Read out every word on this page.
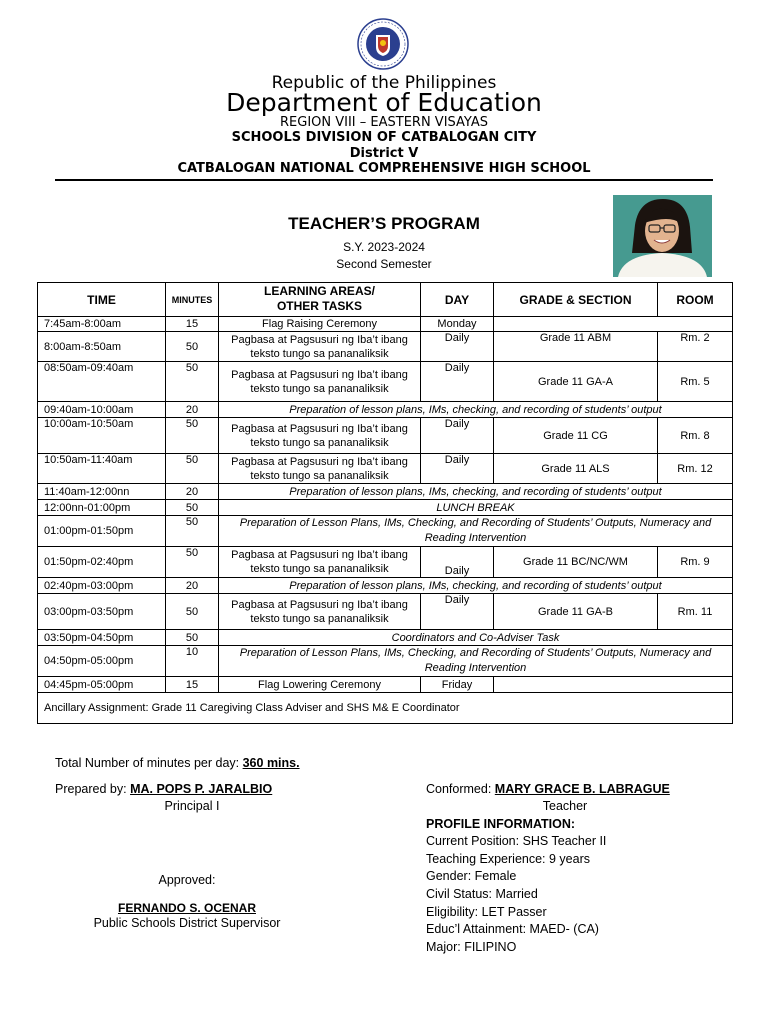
Republic of the Philippines
Department of Education
REGION VIII – EASTERN VISAYAS
SCHOOLS DIVISION OF CATBALOGAN CITY
District V
CATBALOGAN NATIONAL COMPREHENSIVE HIGH SCHOOL
TEACHER’S PROGRAM
S.Y. 2023-2024
Second Semester
TIME	MINUTES	LEARNING AREAS/
OTHER TASKS	DAY	GRADE & SECTION	ROOM
7:45am-8:00am	15	Flag Raising Ceremony	Monday		
8:00am-8:50am	50	Pagbasa at Pagsusuri ng Iba’t ibang
teksto tungo sa pananaliksik	Daily	Grade 11 ABM	Rm. 2
08:50am-09:40am	50	Pagbasa at Pagsusuri ng Iba’t ibang
teksto tungo sa pananaliksik	Daily	Grade 11 GA-A	Rm. 5
09:40am-10:00am	20	Preparation of lesson plans, IMs, checking, and recording of students’ output			
10:00am-10:50am	50	Pagbasa at Pagsusuri ng Iba’t ibang
teksto tungo sa pananaliksik	Daily	Grade 11 CG	Rm. 8
10:50am-11:40am	50	Pagbasa at Pagsusuri ng Iba’t ibang
teksto tungo sa pananaliksik	Daily	Grade 11 ALS	Rm. 12
11:40am-12:00nn	20	Preparation of lesson plans, IMs, checking, and recording of students’ output			
12:00nn-01:00pm	50	LUNCH BREAK			
01:00pm-01:50pm	50	Preparation of Lesson Plans, IMs, Checking, and Recording of Students’ Outputs, Numeracy and Reading Intervention			
01:50pm-02:40pm	50	Pagbasa at Pagsusuri ng Iba’t ibang
teksto tungo sa pananaliksik	Daily	Grade 11 BC/NC/WM	Rm. 9
02:40pm-03:00pm	20	Preparation of lesson plans, IMs, checking, and recording of students’ output			
03:00pm-03:50pm	50	Pagbasa at Pagsusuri ng Iba’t ibang
teksto tungo sa pananaliksik	Daily	Grade 11 GA-B	Rm. 11
03:50pm-04:50pm	50	Coordinators and Co-Adviser Task			
04:50pm-05:00pm	10	Preparation of Lesson Plans, IMs, Checking, and Recording of Students’ Outputs, Numeracy and Reading Intervention			
04:45pm-05:00pm	15	Flag Lowering Ceremony	Friday		
Ancillary Assignment: Grade 11 Caregiving Class Adviser and SHS M& E Coordinator					
Total Number of minutes per day: 360 mins.
Prepared by: MA. POPS P. JARALBIO
Principal I
Approved:
FERNANDO S. OCENAR
Public Schools District Supervisor
Conformed: MARY GRACE B. LABRAGUE
Teacher
PROFILE INFORMATION:
Current Position: SHS Teacher II
Teaching Experience: 9 years
Gender: Female
Civil Status: Married
Eligibility: LET Passer
Educ’l Attainment: MAED- (CA)
Major: FILIPINO
